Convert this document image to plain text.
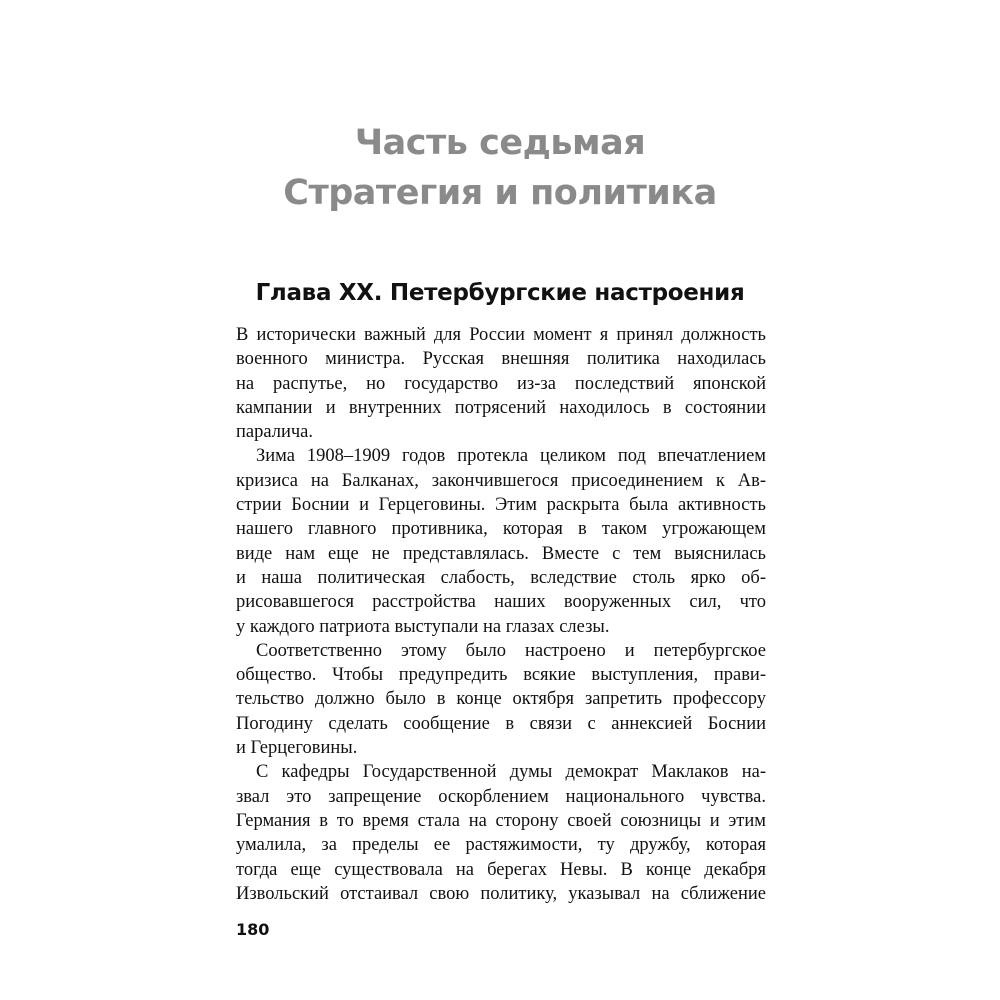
Часть седьмая
Стратегия и политика
Глава XX. Петербургские настроения
В исторически важный для России момент я принял должность
военного министра. Русская внешняя политика находилась
на распутье, но государство из-за последствий японской
кампании и внутренних потрясений находилось в состоянии
паралича.
Зима 1908–1909 годов протекла целиком под впечатлением
кризиса на Балканах, закончившегося присоединением к Ав-
стрии Боснии и Герцеговины. Этим раскрыта была активность
нашего главного противника, которая в таком угрожающем
виде нам еще не представлялась. Вместе с тем выяснилась
и наша политическая слабость, вследствие столь ярко об-
рисовавшегося расстройства наших вооруженных сил, что
у каждого патриота выступали на глазах слезы.
Соответственно этому было настроено и петербургское
общество. Чтобы предупредить всякие выступления, прави-
тельство должно было в конце октября запретить профессору
Погодину сделать сообщение в связи с аннексией Боснии
и Герцеговины.
С кафедры Государственной думы демократ Маклаков на-
звал это запрещение оскорблением национального чувства.
Германия в то время стала на сторону своей союзницы и этим
умалила, за пределы ее растяжимости, ту дружбу, которая
тогда еще существовала на берегах Невы. В конце декабря
Извольский отстаивал свою политику, указывал на сближение
180
